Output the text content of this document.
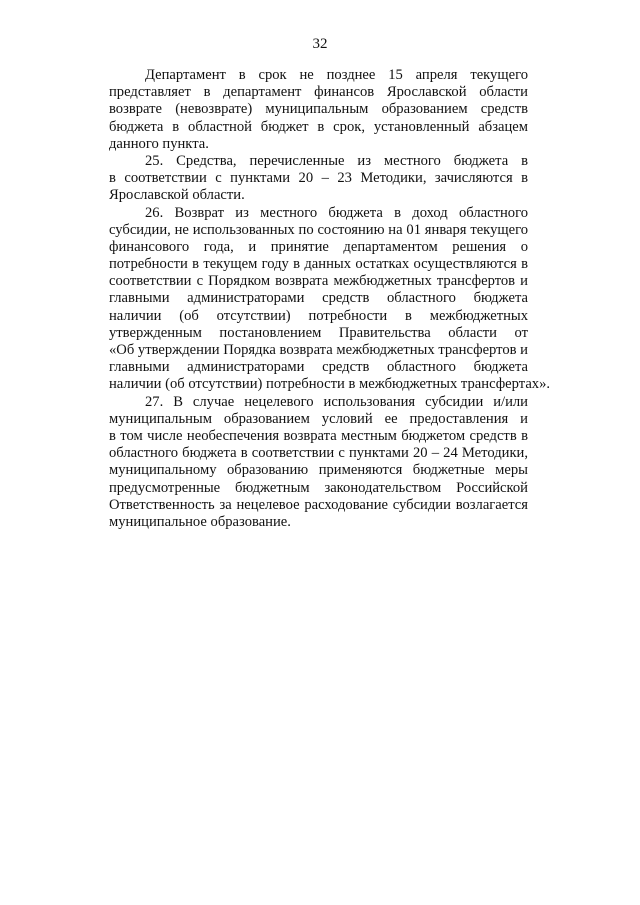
32
Департамент в срок не позднее 15 апреля текущего
представляет в департамент финансов Ярославской области
возврате (невозврате) муниципальным образованием средств
бюджета в областной бюджет в срок, установленный абзацем
данного пункта.
25. Средства, перечисленные из местного бюджета в
в соответствии с пунктами 20 – 23 Методики, зачисляются в
Ярославской области.
26. Возврат из местного бюджета в доход областного
субсидии, не использованных по состоянию на 01 января текущего
финансового года, и принятие департаментом решения о
потребности в текущем году в данных остатках осуществляются в
соответствии с Порядком возврата межбюджетных трансфертов и
главными администраторами средств областного бюджета
наличии (об отсутствии) потребности в межбюджетных
утвержденным постановлением Правительства области от
«Об утверждении Порядка возврата межбюджетных трансфертов и
главными администраторами средств областного бюджета
наличии (об отсутствии) потребности в межбюджетных трансфертах».
27. В случае нецелевого использования субсидии и/или
муниципальным образованием условий ее предоставления и
в том числе необеспечения возврата местным бюджетом средств в
областного бюджета в соответствии с пунктами 20 – 24 Методики,
муниципальному образованию применяются бюджетные меры
предусмотренные бюджетным законодательством Российской
Ответственность за нецелевое расходование субсидии возлагается
муниципальное образование.
